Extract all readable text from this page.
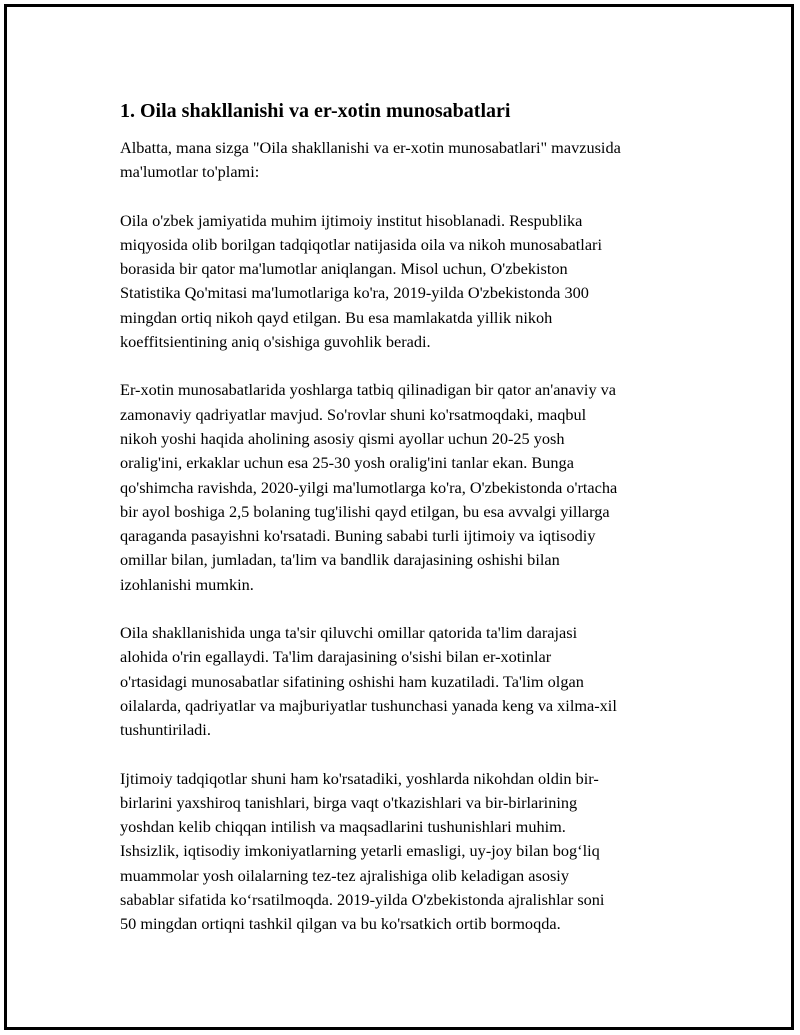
1. Oila shakllanishi va er-xotin munosabatlari

Albatta, mana sizga "Oila shakllanishi va er-xotin munosabatlari" mavzusida
ma'lumotlar to'plami:

Oila o'zbek jamiyatida muhim ijtimoiy institut hisoblanadi. Respublika
miqyosida olib borilgan tadqiqotlar natijasida oila va nikoh munosabatlari
borasida bir qator ma'lumotlar aniqlangan. Misol uchun, O'zbekiston
Statistika Qo'mitasi ma'lumotlariga ko'ra, 2019-yilda O'zbekistonda 300
mingdan ortiq nikoh qayd etilgan. Bu esa mamlakatda yillik nikoh
koeffitsientining aniq o'sishiga guvohlik beradi.

Er-xotin munosabatlarida yoshlarga tatbiq qilinadigan bir qator an'anaviy va
zamonaviy qadriyatlar mavjud. So'rovlar shuni ko'rsatmoqdaki, maqbul
nikoh yoshi haqida aholining asosiy qismi ayollar uchun 20-25 yosh
oralig'ini, erkaklar uchun esa 25-30 yosh oralig'ini tanlar ekan. Bunga
qo'shimcha ravishda, 2020-yilgi ma'lumotlarga ko'ra, O'zbekistonda o'rtacha
bir ayol boshiga 2,5 bolaning tug'ilishi qayd etilgan, bu esa avvalgi yillarga
qaraganda pasayishni ko'rsatadi. Buning sababi turli ijtimoiy va iqtisodiy
omillar bilan, jumladan, ta'lim va bandlik darajasining oshishi bilan
izohlanishi mumkin.

Oila shakllanishida unga ta'sir qiluvchi omillar qatorida ta'lim darajasi
alohida o'rin egallaydi. Ta'lim darajasining o'sishi bilan er-xotinlar
o'rtasidagi munosabatlar sifatining oshishi ham kuzatiladi. Ta'lim olgan
oilalarda, qadriyatlar va majburiyatlar tushunchasi yanada keng va xilma-xil
tushuntiriladi.

Ijtimoiy tadqiqotlar shuni ham ko'rsatadiki, yoshlarda nikohdan oldin bir-
birlarini yaxshiroq tanishlari, birga vaqt o'tkazishlari va bir-birlarining
yoshdan kelib chiqqan intilish va maqsadlarini tushunishlari muhim.
Ishsizlik, iqtisodiy imkoniyatlarning yetarli emasligi, uy-joy bilan bog‘liq
muammolar yosh oilalarning tez-tez ajralishiga olib keladigan asosiy
sabablar sifatida ko‘rsatilmoqda. 2019-yilda O'zbekistonda ajralishlar soni
50 mingdan ortiqni tashkil qilgan va bu ko'rsatkich ortib bormoqda.
